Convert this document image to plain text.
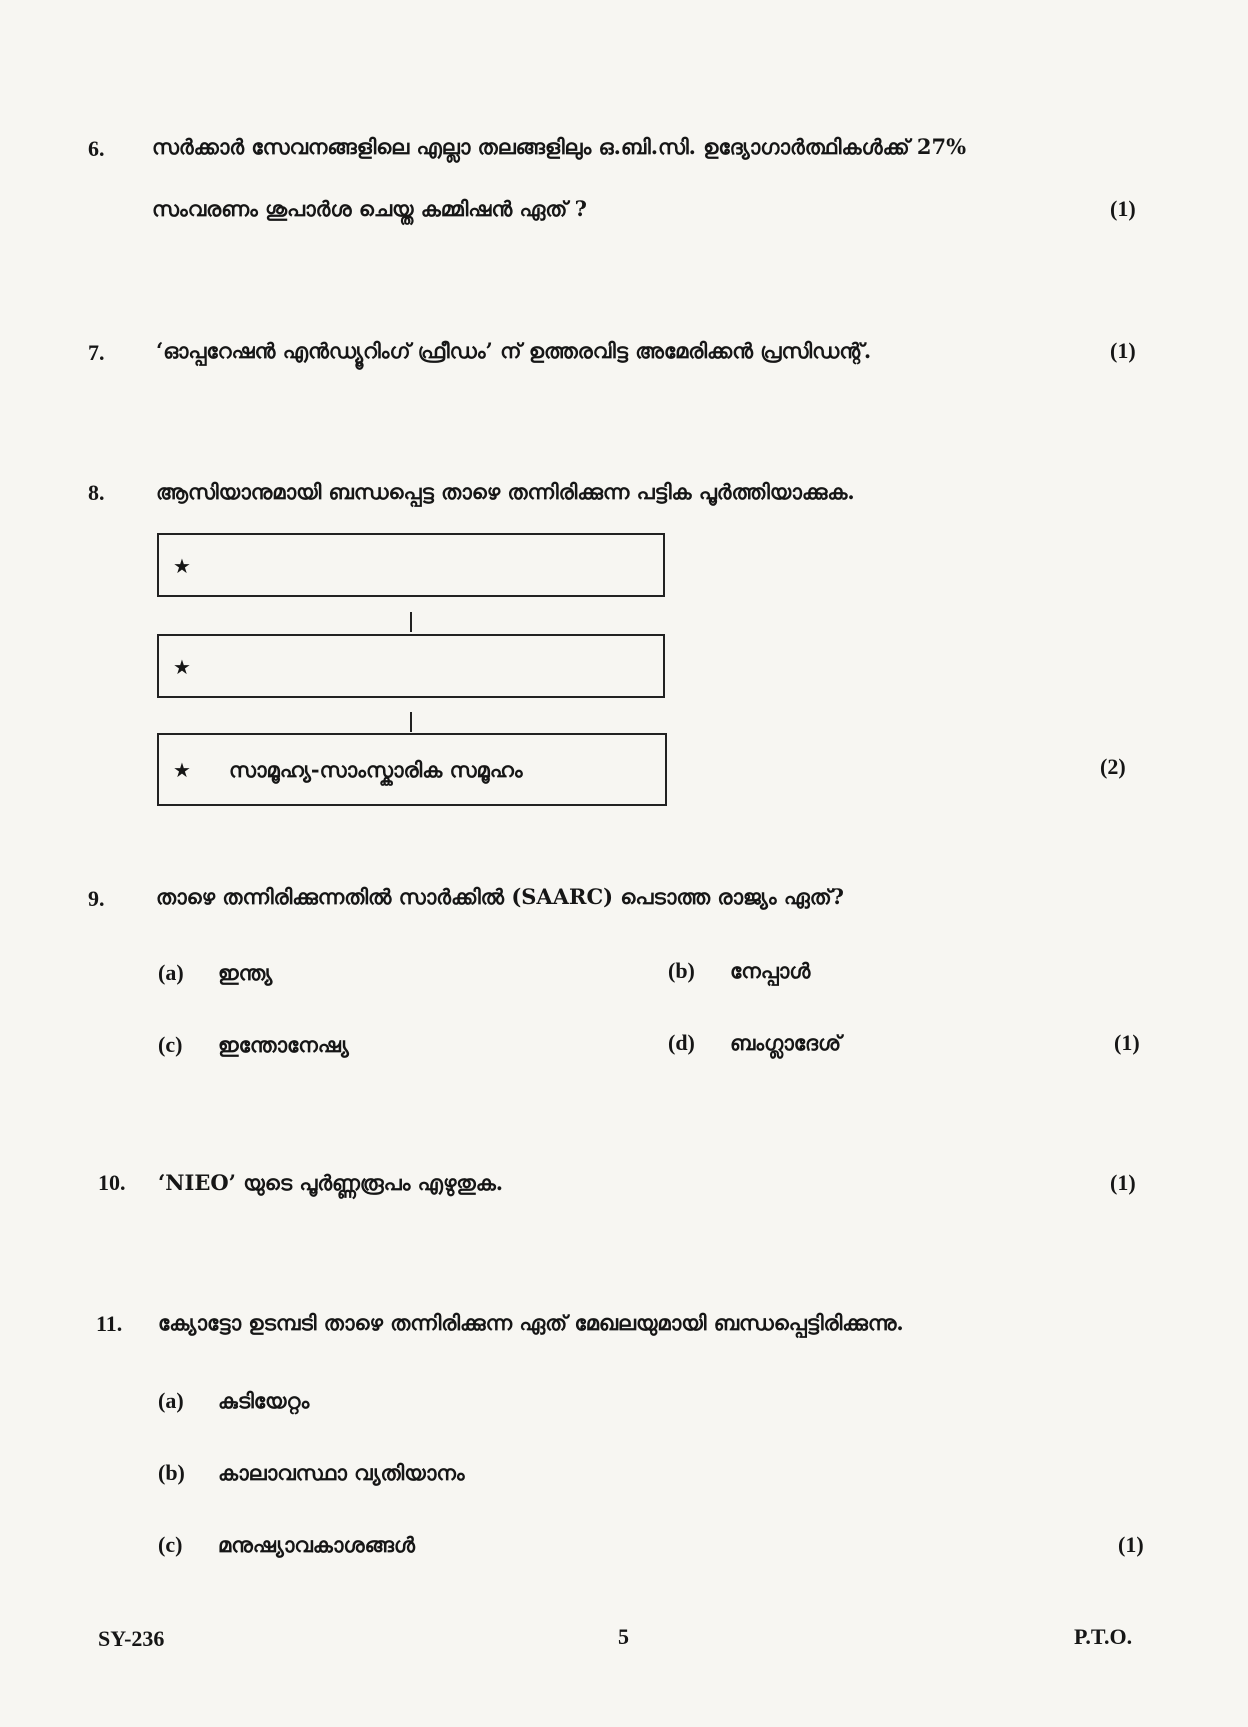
6. സർക്കാർ സേവനങ്ങളിലെ എല്ലാ തലങ്ങളിലും ഒ.ബി.സി. ഉദ്യോഗാർത്ഥികൾക്ക് 27%
സംവരണം ശുപാർശ ചെയ്ത കമ്മിഷൻ ഏത് ?	(1)
7. ‘ഓപ്പറേഷൻ എൻഡ്യൂറിംഗ് ഫ്രീഡം’ ന് ഉത്തരവിട്ട അമേരിക്കൻ പ്രസിഡന്റ്.	(1)
8. ആസിയാനുമായി ബന്ധപ്പെട്ട താഴെ തന്നിരിക്കുന്ന പട്ടിക പൂർത്തിയാക്കുക.
★
★
★ സാമൂഹ്യ-സാംസ്കാരിക സമൂഹം	(2)
9. താഴെ തന്നിരിക്കുന്നതിൽ സാർക്കിൽ (SAARC) പെടാത്ത രാജ്യം ഏത്?
(a) ഇന്ത്യ	(b) നേപ്പാൾ
(c) ഇന്തോനേഷ്യ	(d) ബംഗ്ലാദേശ്	(1)
10. ‘NIEO’ യുടെ പൂർണ്ണരൂപം എഴുതുക.	(1)
11. ക്യോട്ടോ ഉടമ്പടി താഴെ തന്നിരിക്കുന്ന ഏത് മേഖലയുമായി ബന്ധപ്പെട്ടിരിക്കുന്നു.
(a) കുടിയേറ്റം
(b) കാലാവസ്ഥാ വ്യതിയാനം
(c) മനുഷ്യാവകാശങ്ങൾ	(1)
SY-236	5	P.T.O.
